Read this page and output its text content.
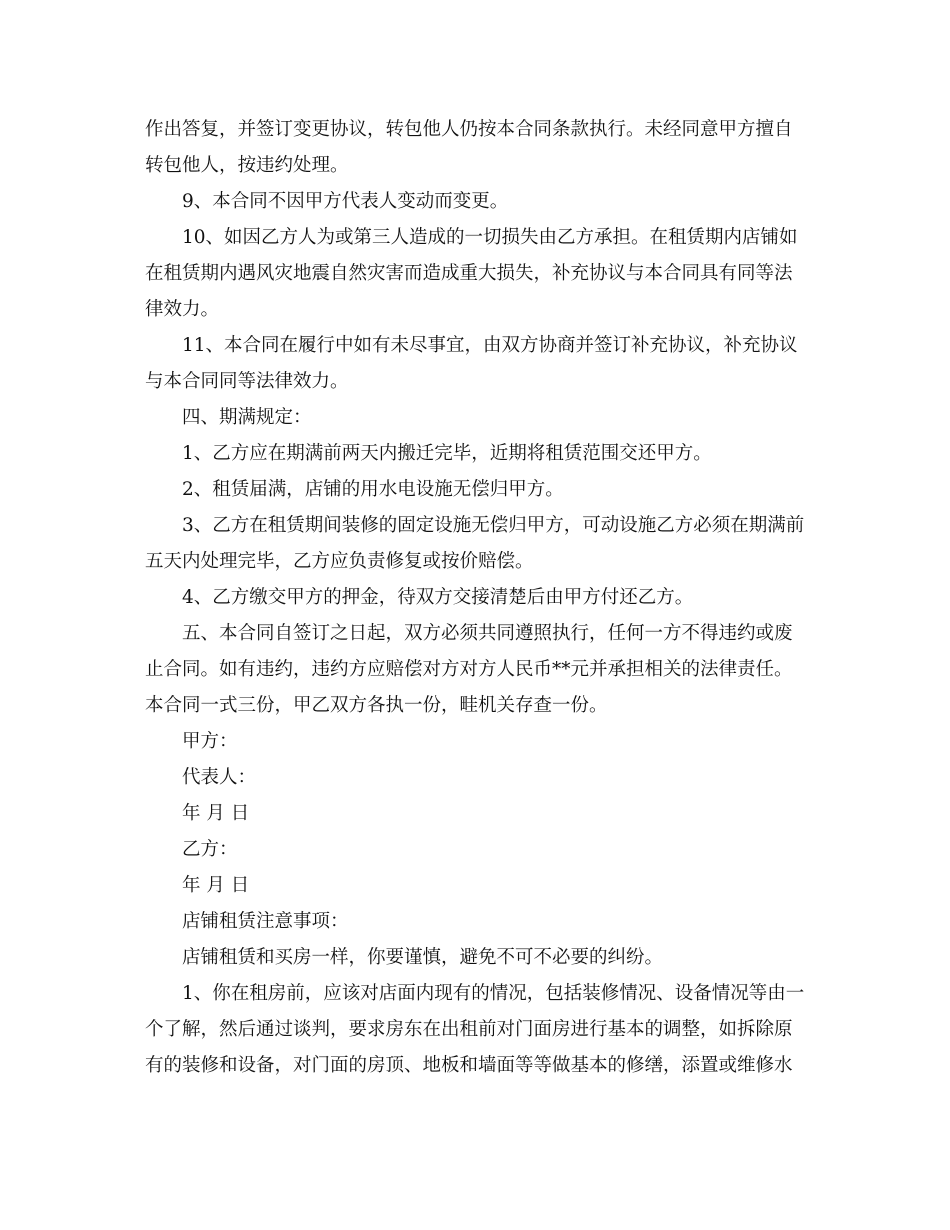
作出答复，并签订变更协议，转包他人仍按本合同条款执行。未经同意甲方擅自

转包他人，按违约处理。

9、本合同不因甲方代表人变动而变更。

10、如因乙方人为或第三人造成的一切损失由乙方承担。在租赁期内店铺如

在租赁期内遇风灾地震自然灾害而造成重大损失，补充协议与本合同具有同等法

律效力。

11、本合同在履行中如有未尽事宜，由双方协商并签订补充协议，补充协议

与本合同同等法律效力。

四、期满规定：

1、乙方应在期满前两天内搬迁完毕，近期将租赁范围交还甲方。

2、租赁届满，店铺的用水电设施无偿归甲方。

3、乙方在租赁期间装修的固定设施无偿归甲方，可动设施乙方必须在期满前

五天内处理完毕，乙方应负责修复或按价赔偿。

4、乙方缴交甲方的押金，待双方交接清楚后由甲方付还乙方。

五、本合同自签订之日起，双方必须共同遵照执行，任何一方不得违约或废

止合同。如有违约，违约方应赔偿对方对方人民币**元并承担相关的法律责任。

本合同一式三份，甲乙双方各执一份，畦机关存查一份。

甲方：

代表人：

年 月 日

乙方：

年 月 日

店铺租赁注意事项：

店铺租赁和买房一样，你要谨慎，避免不可不必要的纠纷。

1、你在租房前，应该对店面内现有的情况，包括装修情况、设备情况等由一

个了解，然后通过谈判，要求房东在出租前对门面房进行基本的调整，如拆除原

有的装修和设备，对门面的房顶、地板和墙面等等做基本的修缮，添置或维修水
